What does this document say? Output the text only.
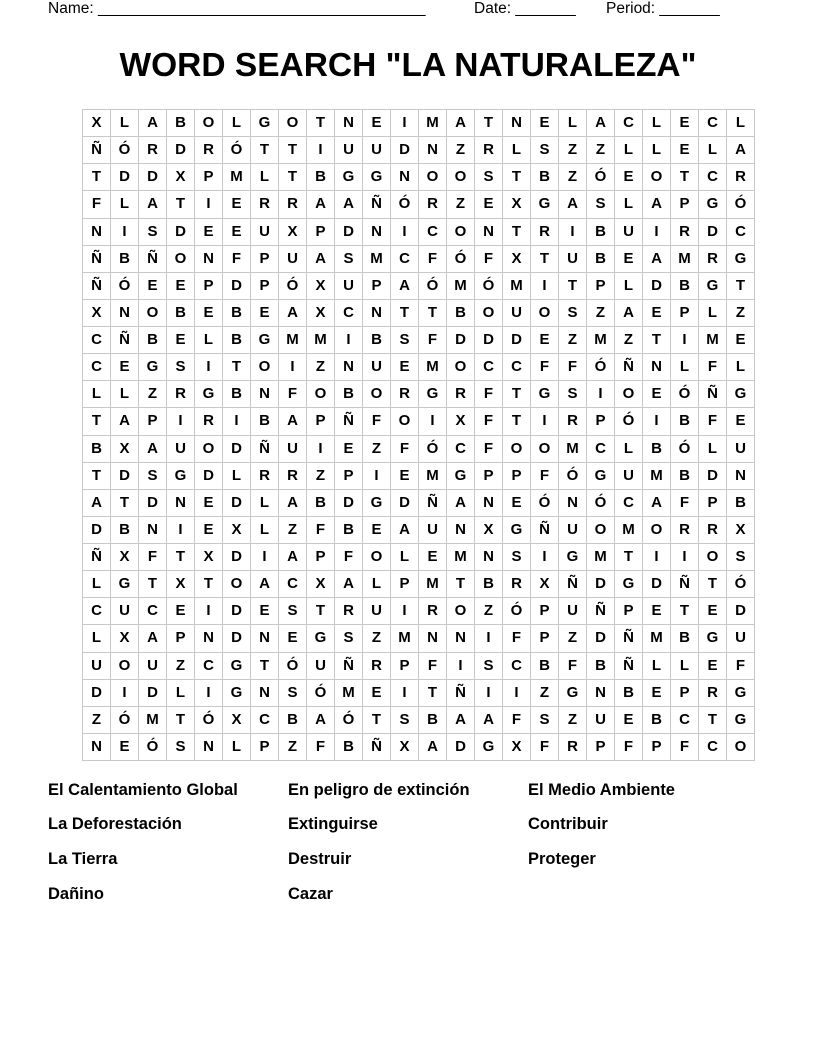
Name: ______________________________________	Date: _______ Period: _______
WORD SEARCH "LA NATURALEZA"
X	L	A	B	O	L	G	O	T	N	E	I	M	A	T	N	E	L	A	C	L	E	C	L
Ñ	Ó	R	D	R	Ó	T	T	I	U	U	D	N	Z	R	L	S	Z	Z	L	L	E	L	A
T	D	D	X	P	M	L	T	B	G	G	N	O	O	S	T	B	Z	Ó	E	O	T	C	R
F	L	A	T	I	E	R	R	A	A	Ñ	Ó	R	Z	E	X	G	A	S	L	A	P	G	Ó
N	I	S	D	E	E	U	X	P	D	N	I	C	O	N	T	R	I	B	U	I	R	D	C
Ñ	B	Ñ	O	N	F	P	U	A	S	M	C	F	Ó	F	X	T	U	B	E	A	M	R	G
Ñ	Ó	E	E	P	D	P	Ó	X	U	P	A	Ó	M	Ó	M	I	T	P	L	D	B	G	T
X	N	O	B	E	B	E	A	X	C	N	T	T	B	O	U	O	S	Z	A	E	P	L	Z
C	Ñ	B	E	L	B	G	M	M	I	B	S	F	D	D	D	E	Z	M	Z	T	I	M	E
C	E	G	S	I	T	O	I	Z	N	U	E	M	O	C	C	F	F	Ó	Ñ	N	L	F	L
L	L	Z	R	G	B	N	F	O	B	O	R	G	R	F	T	G	S	I	O	E	Ó	Ñ	G
T	A	P	I	R	I	B	A	P	Ñ	F	O	I	X	F	T	I	R	P	Ó	I	B	F	E
B	X	A	U	O	D	Ñ	U	I	E	Z	F	Ó	C	F	O	O	M	C	L	B	Ó	L	U
T	D	S	G	D	L	R	R	Z	P	I	E	M	G	P	P	F	Ó	G	U	M	B	D	N
A	T	D	N	E	D	L	A	B	D	G	D	Ñ	A	N	E	Ó	N	Ó	C	A	F	P	B
D	B	N	I	E	X	L	Z	F	B	E	A	U	N	X	G	Ñ	U	O	M	O	R	R	X
Ñ	X	F	T	X	D	I	A	P	F	O	L	E	M	N	S	I	G	M	T	I	I	O	S
L	G	T	X	T	O	A	C	X	A	L	P	M	T	B	R	X	Ñ	D	G	D	Ñ	T	Ó
C	U	C	E	I	D	E	S	T	R	U	I	R	O	Z	Ó	P	U	Ñ	P	E	T	E	D
L	X	A	P	N	D	N	E	G	S	Z	M	N	N	I	F	P	Z	D	Ñ	M	B	G	U
U	O	U	Z	C	G	T	Ó	U	Ñ	R	P	F	I	S	C	B	F	B	Ñ	L	L	E	F
D	I	D	L	I	G	N	S	Ó	M	E	I	T	Ñ	I	I	Z	G	N	B	E	P	R	G
Z	Ó	M	T	Ó	X	C	B	A	Ó	T	S	B	A	A	F	S	Z	U	E	B	C	T	G
N	E	Ó	S	N	L	P	Z	F	B	Ñ	X	A	D	G	X	F	R	P	F	P	F	C	O
El Calentamiento Global	En peligro de extinción	El Medio Ambiente
La Deforestación	Extinguirse	Contribuir
La Tierra	Destruir	Proteger
Dañino	Cazar
